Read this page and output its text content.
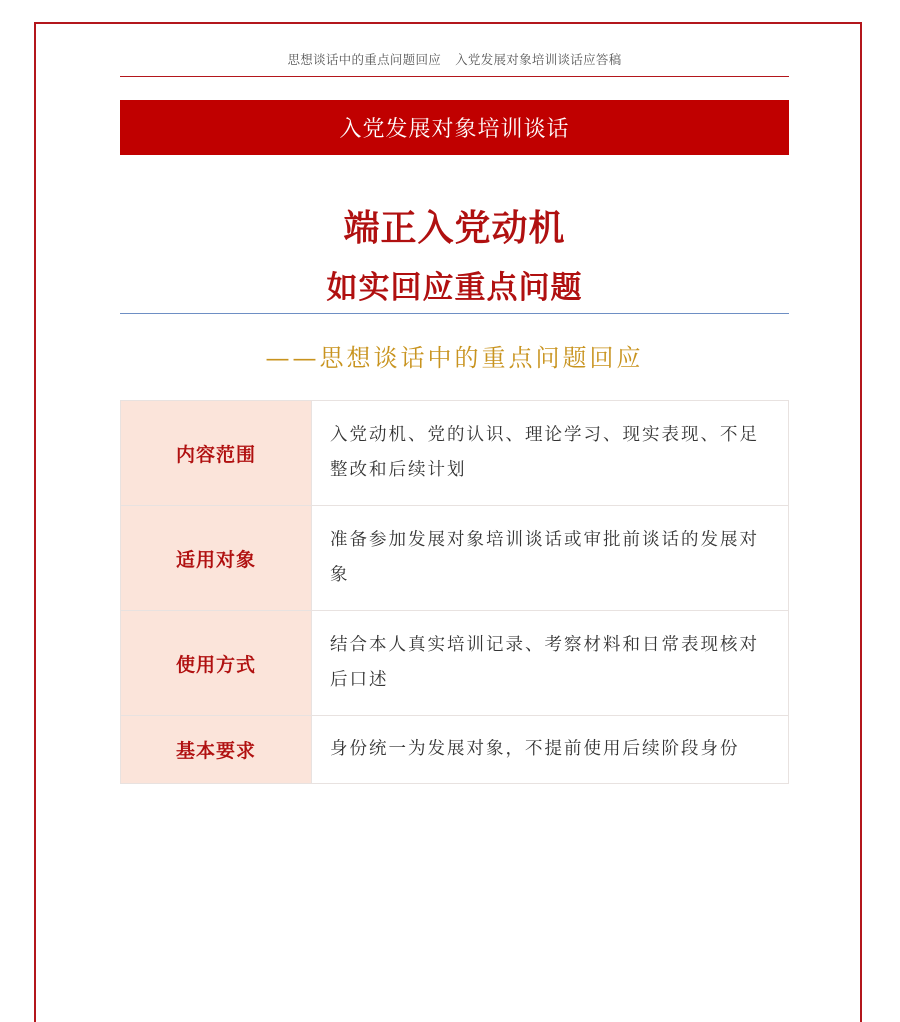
思想谈话中的重点问题回应 入党发展对象培训谈话应答稿
入党发展对象培训谈话
端正入党动机
如实回应重点问题
——思想谈话中的重点问题回应
内容范围	入党动机、党的认识、理论学习、现实表现、不足整改和后续计划
适用对象	准备参加发展对象培训谈话或审批前谈话的发展对象
使用方式	结合本人真实培训记录、考察材料和日常表现核对后口述
基本要求	身份统一为发展对象，不提前使用后续阶段身份
